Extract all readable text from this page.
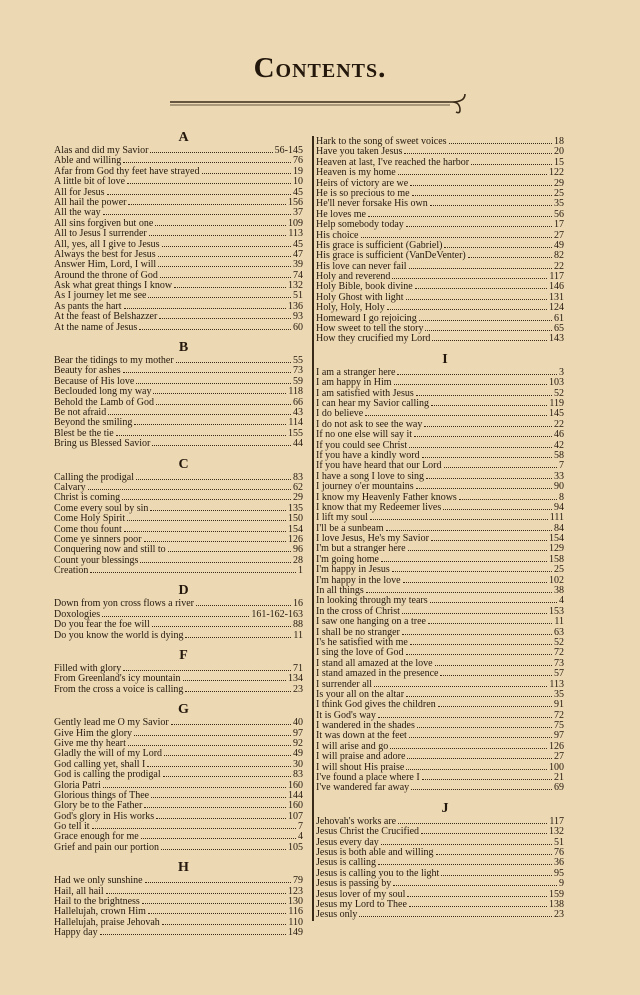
Contents.
A
Alas and did my Savior	56-145
Able and willing	76
Afar from God thy feet have strayed	19
A little bit of love	10
All for Jesus	45
All hail the power	156
All the way	37
All sins forgiven but one	109
All to Jesus I surrender	113
All, yes, all I give to Jesus	45
Always the best for Jesus	47
Answer Him, Lord, I will	39
Around the throne of God	74
Ask what great things I know	132
As I journey let me see	51
As pants the hart	136
At the feast of Belshazzer	93
At the name of Jesus	60
B
Bear the tidings to my mother	55
Beauty for ashes	73
Because of His love	59
Beclouded long my way	118
Behold the Lamb of God	66
Be not afraid	43
Beyond the smiling	114
Blest be the tie	155
Bring us Blessed Savior	44
C
Calling the prodigal	83
Calvary	62
Christ is coming	29
Come every soul by sin	135
Come Holy Spirit	150
Come thou fount	154
Come ye sinners poor	126
Conquering now and still to	96
Count your blessings	28
Creation	1
D
Down from yon cross flows a river	16
Doxologies	161-162-163
Do you fear the foe will	88
Do you know the world is dying	11
F
Filled with glory	71
From Greenland's icy mountain	134
From the cross a voice is calling	23
G
Gently lead me O my Savior	40
Give Him the glory	97
Give me thy heart	92
Gladly the will of my Lord	49
God calling yet, shall I	30
God is calling the prodigal	83
Gloria Patri	160
Glorious things of Thee	144
Glory be to the Father	160
God's glory in His works	107
Go tell it	7
Grace enough for me	4
Grief and pain our portion	105
H
Had we only sunshine	79
Hail, all hail	123
Hail to the brightness	130
Hallelujah, crown Him	116
Hallelujah, praise Jehovah	110
Happy day	149
Hark to the song of sweet voices	18
Have you taken Jesus	20
Heaven at last, I've reached the harbor	15
Heaven is my home	122
Heirs of victory are we	29
He is so precious to me	25
He'll never forsake His own	35
He loves me	56
Help somebody today	17
His choice	27
His grace is sufficient (Gabriel)	49
His grace is sufficient (VanDeVenter)	82
His love can never fail	22
Holy and reverend	117
Holy Bible, book divine	146
Holy Ghost with light	131
Holy, Holy, Holy	124
Homeward I go rejoicing	61
How sweet to tell the story	65
How they crucified my Lord	143
I
I am a stranger here	3
I am happy in Him	103
I am satisfied with Jesus	52
I can hear my Savior calling	119
I do believe	145
I do not ask to see the way	22
If no one else will say it	46
If you could see Christ	42
If you have a kindly word	58
If you have heard that our Lord	7
I have a song I love to sing	33
I journey o'er mountains	90
I know my Heavenly Father knows	8
I know that my Redeemer lives	94
I lift my soul	111
I'll be a sunbeam	84
I love Jesus, He's my Savior	154
I'm but a stranger here	129
I'm going home	158
I'm happy in Jesus	25
I'm happy in the love	102
In all things	38
In looking through my tears	4
In the cross of Christ	153
I saw one hanging on a tree	11
I shall be no stranger	63
I's he satisfied with me	52
I sing the love of God	72
I stand all amazed at the love	73
I stand amazed in the presence	57
I surrender all	113
Is your all on the altar	35
I think God gives the children	91
It is God's way	72
I wandered in the shades	75
It was down at the feet	97
I will arise and go	126
I will praise and adore	27
I will shout His praise	100
I've found a place where I	21
I've wandered far away	69
J
Jehovah's works are	117
Jesus Christ the Crucified	132
Jesus every day	51
Jesus is both able and willing	76
Jesus is calling	36
Jesus is calling you to the light	95
Jesus is passing by	9
Jesus lover of my soul	159
Jesus my Lord to Thee	138
Jesus only	23
